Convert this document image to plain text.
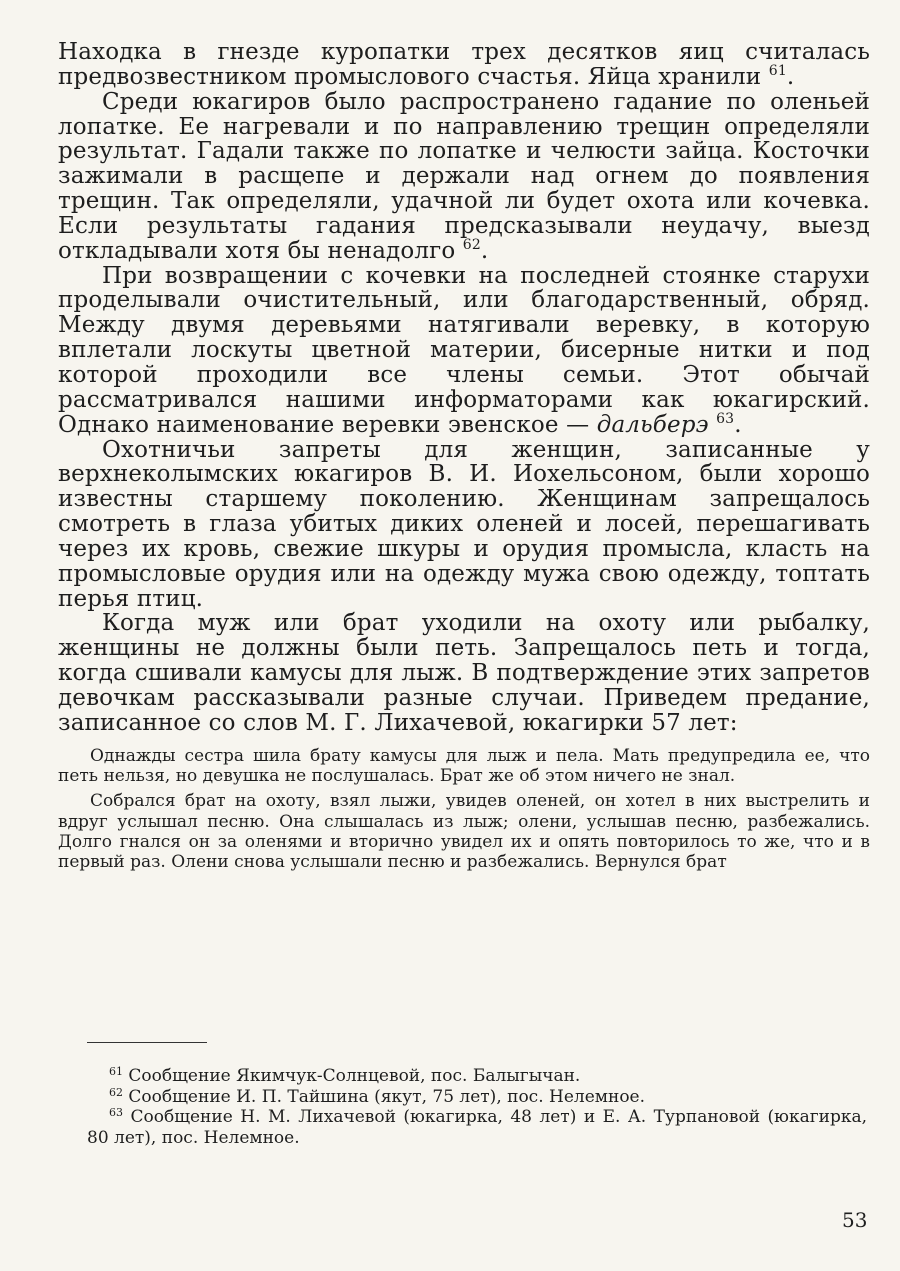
Находка в гнезде куропатки трех десятков яиц считалась предвозвестником промыслового счастья. Яйца хранили $^{61}$.

Среди юкагиров было распространено гадание по оленьей лопатке. Ее нагревали и по направлению трещин определяли результат. Гадали также по лопатке и челюсти зайца. Косточки зажимали в расщепе и держали над огнем до появления трещин. Так определяли, удачной ли будет охота или кочевка. Если результаты гадания предсказывали неудачу, выезд откладывали хотя бы ненадолго $^{62}$.

При возвращении с кочевки на последней стоянке старухи проделывали очистительный, или благодарственный, обряд. Между двумя деревьями натягивали веревку, в которую вплетали лоскуты цветной материи, бисерные нитки и под которой проходили все члены семьи. Этот обычай рассматривался нашими информаторами как юкагирский. Однако наименование веревки эвенское — дальберэ $^{63}$.

Охотничьи запреты для женщин, записанные у верхнеколымских юкагиров В. И. Иохельсоном, были хорошо известны старшему поколению. Женщинам запрещалось смотреть в глаза убитых диких оленей и лосей, перешагивать через их кровь, свежие шкуры и орудия промысла, класть на промысловые орудия или на одежду мужа свою одежду, топтать перья птиц.

Когда муж или брат уходили на охоту или рыбалку, женщины не должны были петь. Запрещалось петь и тогда, когда сшивали камусы для лыж. В подтверждение этих запретов девочкам рассказывали разные случаи. Приведем предание, записанное со слов М. Г. Лихачевой, юкагирки 57 лет:

Однажды сестра шила брату камусы для лыж и пела. Мать предупредила ее, что петь нельзя, но девушка не послушалась. Брат же об этом ничего не знал.

Собрался брат на охоту, взял лыжи, увидев оленей, он хотел в них выстрелить и вдруг услышал песню. Она слышалась из лыж; олени, услышав песню, разбежались. Долго гнался он за оленями и вторично увидел их и опять повторилось то же, что и в первый раз. Олени снова услышали песню и разбежались. Вернулся брат

$^{61}$ Сообщение Якимчук-Солнцевой, пос. Балыгычан.

$^{62}$ Сообщение И. П. Тайшина (якут, 75 лет), пос. Нелемное.

$^{63}$ Сообщение Н. М. Лихачевой (юкагирка, 48 лет) и Е. А. Турпановой (юкагирка, 80 лет), пос. Нелемное.

53
